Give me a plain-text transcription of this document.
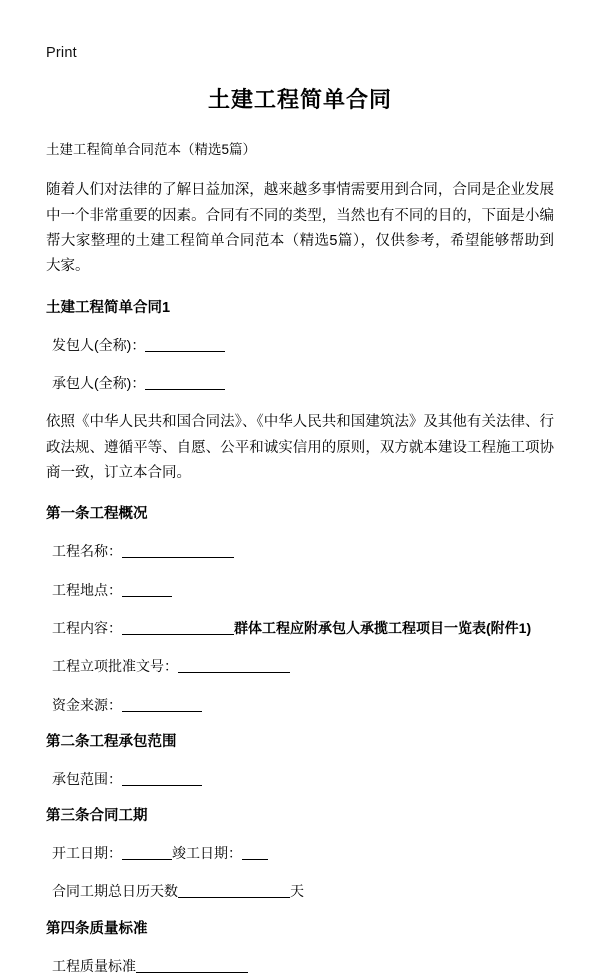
Print
土建工程简单合同
土建工程简单合同范本（精选5篇）

随着人们对法律的了解日益加深，越来越多事情需要用到合同，合同是企业发展中一个非常重要的因素。合同有不同的类型，当然也有不同的目的，下面是小编帮大家整理的土建工程简单合同范本（精选5篇），仅供参考，希望能够帮助到大家。

土建工程简单合同1
发包人(全称)：
承包人(全称)：

依照《中华人民共和国合同法》、《中华人民共和国建筑法》及其他有关法律、行政法规、遵循平等、自愿、公平和诚实信用的原则，双方就本建设工程施工项协商一致，订立本合同。

第一条工程概况
工程名称：
工程地点：
工程内容：	群体工程应附承包人承揽工程项目一览表(附件1)
工程立项批准文号：
资金来源：
第二条工程承包范围
承包范围：
第三条合同工期
开工日期：	竣工日期：
合同工期总日历天数	天
第四条质量标准
工程质量标准
